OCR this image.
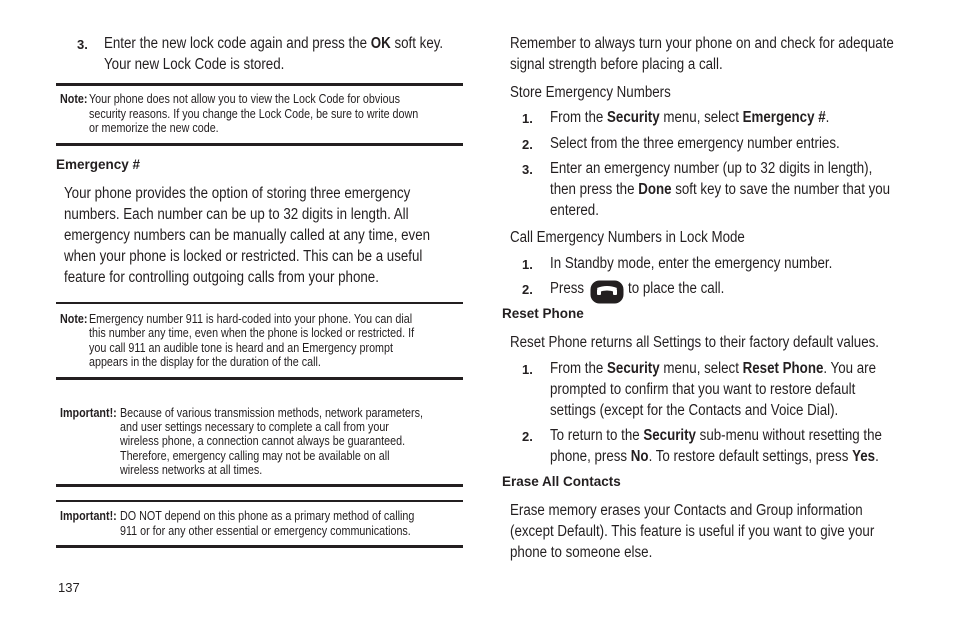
3. Enter the new lock code again and press the OK soft key.
Your new Lock Code is stored.
Note: Your phone does not allow you to view the Lock Code for obvious
security reasons. If you change the Lock Code, be sure to write down
or memorize the new code.
Emergency #
Your phone provides the option of storing three emergency
numbers. Each number can be up to 32 digits in length. All
emergency numbers can be manually called at any time, even
when your phone is locked or restricted. This can be a useful
feature for controlling outgoing calls from your phone.
Note: Emergency number 911 is hard-coded into your phone. You can dial
this number any time, even when the phone is locked or restricted. If
you call 911 an audible tone is heard and an Emergency prompt
appears in the display for the duration of the call.
Important!: Because of various transmission methods, network parameters,
and user settings necessary to complete a call from your
wireless phone, a connection cannot always be guaranteed.
Therefore, emergency calling may not be available on all
wireless networks at all times.
Important!: DO NOT depend on this phone as a primary method of calling
911 or for any other essential or emergency communications.
137
Remember to always turn your phone on and check for adequate
signal strength before placing a call.
Store Emergency Numbers
1. From the Security menu, select Emergency #.
2. Select from the three emergency number entries.
3. Enter an emergency number (up to 32 digits in length),
then press the Done soft key to save the number that you
entered.
Call Emergency Numbers in Lock Mode
1. In Standby mode, enter the emergency number.
2. Press	to place the call.
Reset Phone
Reset Phone returns all Settings to their factory default values.
1. From the Security menu, select Reset Phone. You are
prompted to confirm that you want to restore default
settings (except for the Contacts and Voice Dial).
2. To return to the Security sub-menu without resetting the
phone, press No. To restore default settings, press Yes.
Erase All Contacts
Erase memory erases your Contacts and Group information
(except Default). This feature is useful if you want to give your
phone to someone else.
